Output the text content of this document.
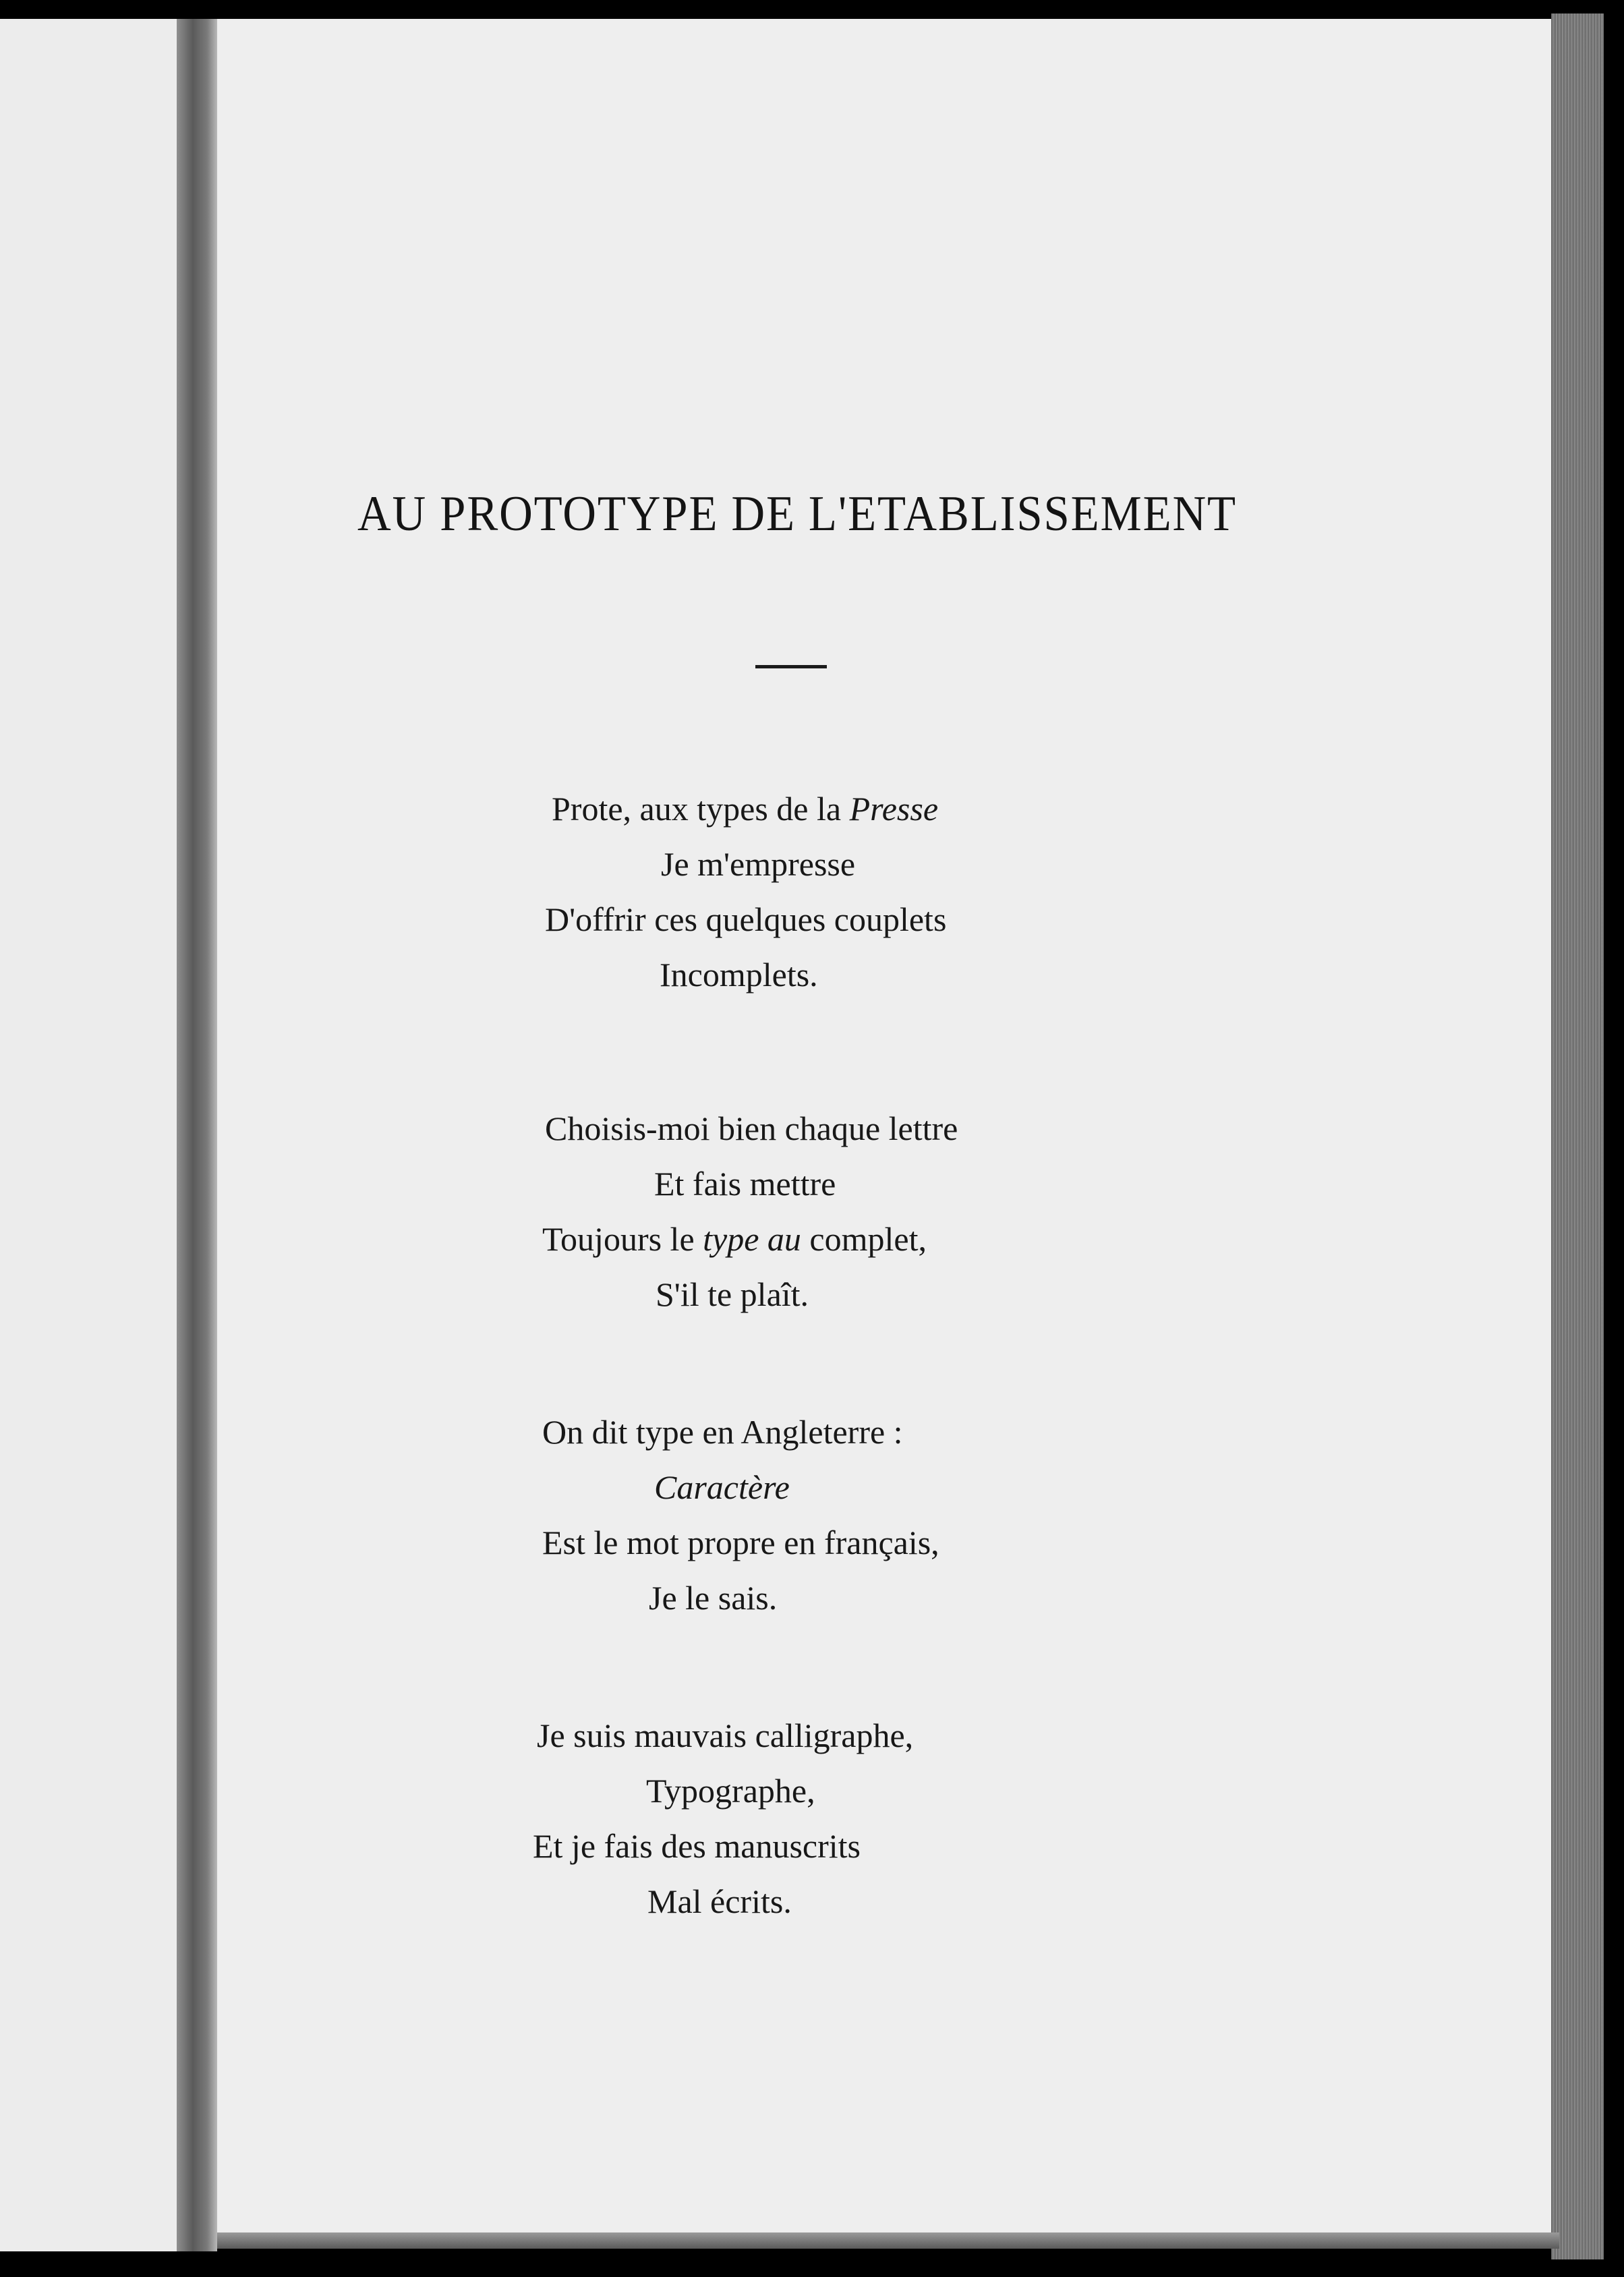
AU PROTOTYPE DE L'ETABLISSEMENT

Prote, aux types de la Presse

Je m'empresse

D'offrir ces quelques couplets

Incomplets.

Choisis-moi bien chaque lettre

Et fais mettre

Toujours le type au complet,

S'il te plaît.

On dit type en Angleterre :

Caractère

Est le mot propre en français,

Je le sais.

Je suis mauvais calligraphe,

Typographe,

Et je fais des manuscrits

Mal écrits.
